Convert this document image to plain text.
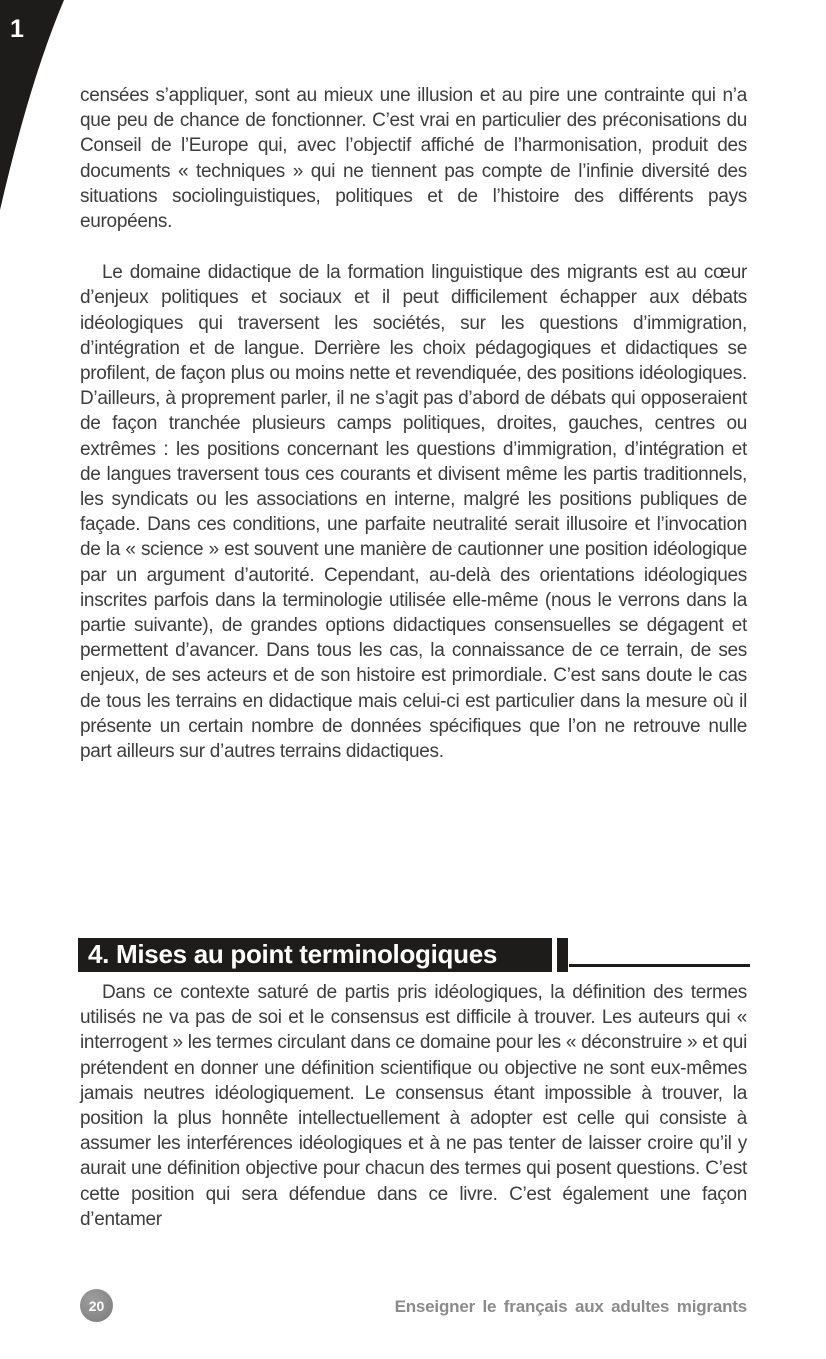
1

censées s’appliquer, sont au mieux une illusion et au pire une contrainte qui n’a que peu de chance de fonctionner. C’est vrai en particulier des préconisations du Conseil de l’Europe qui, avec l’objectif affiché de l’harmonisation, produit des documents « techniques » qui ne tiennent pas compte de l’infinie diversité des situations sociolinguistiques, politiques et de l’histoire des différents pays européens.

Le domaine didactique de la formation linguistique des migrants est au cœur d’enjeux politiques et sociaux et il peut difficilement échapper aux débats idéologiques qui traversent les sociétés, sur les questions d’immigration, d’intégration et de langue. Derrière les choix pédagogiques et didactiques se profilent, de façon plus ou moins nette et revendiquée, des positions idéologiques. D’ailleurs, à proprement parler, il ne s’agit pas d’abord de débats qui opposeraient de façon tranchée plusieurs camps politiques, droites, gauches, centres ou extrêmes : les positions concernant les questions d’immigration, d’intégration et de langues traversent tous ces courants et divisent même les partis traditionnels, les syndicats ou les associations en interne, malgré les positions publiques de façade. Dans ces conditions, une parfaite neutralité serait illusoire et l’invocation de la « science » est souvent une manière de cautionner une position idéologique par un argument d’autorité. Cependant, au-delà des orientations idéologiques inscrites parfois dans la terminologie utilisée elle-même (nous le verrons dans la partie suivante), de grandes options didactiques consensuelles se dégagent et permettent d’avancer. Dans tous les cas, la connaissance de ce terrain, de ses enjeux, de ses acteurs et de son histoire est primordiale. C’est sans doute le cas de tous les terrains en didactique mais celui-ci est particulier dans la mesure où il présente un certain nombre de données spécifiques que l’on ne retrouve nulle part ailleurs sur d’autres terrains didactiques.

4. Mises au point terminologiques

Dans ce contexte saturé de partis pris idéologiques, la définition des termes utilisés ne va pas de soi et le consensus est difficile à trouver. Les auteurs qui « interrogent » les termes circulant dans ce domaine pour les « déconstruire » et qui prétendent en donner une définition scientifique ou objective ne sont eux-mêmes jamais neutres idéologiquement. Le consensus étant impossible à trouver, la position la plus honnête intellectuellement à adopter est celle qui consiste à assumer les interférences idéologiques et à ne pas tenter de laisser croire qu’il y aurait une définition objective pour chacun des termes qui posent questions. C’est cette position qui sera défendue dans ce livre. C’est également une façon d’entamer

20	Enseigner le français aux adultes migrants
